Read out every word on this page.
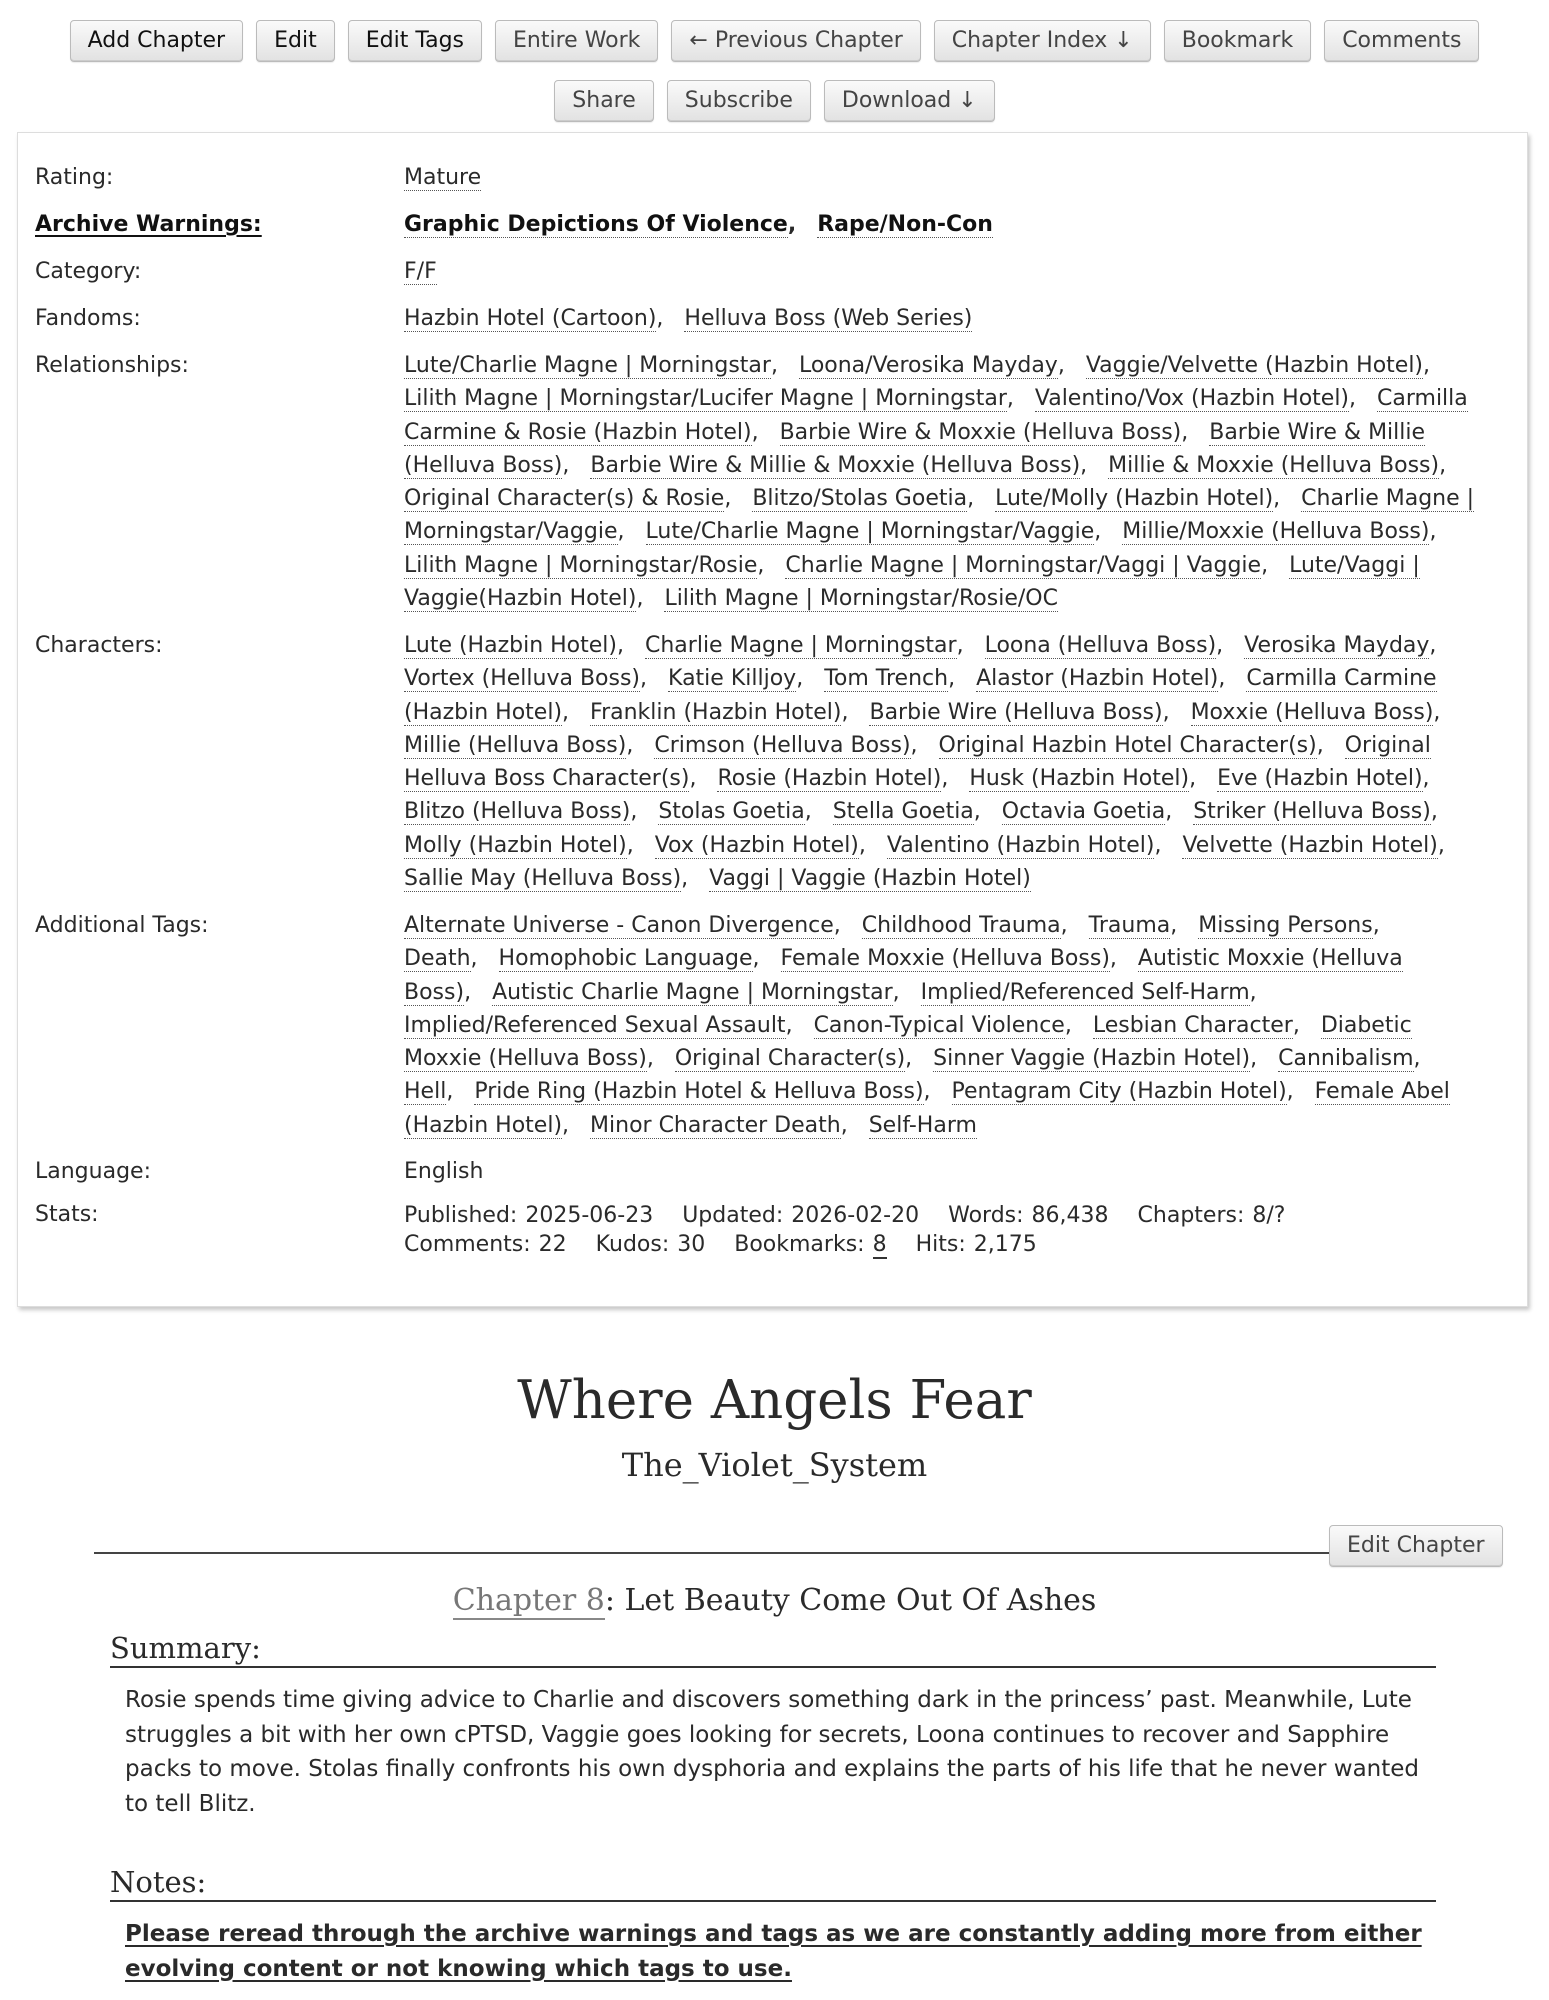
Add Chapter	Edit	Edit Tags	Entire Work	← Previous Chapter	Chapter Index ↓	Bookmark	Comments
Share	Subscribe	Download ↓
Rating:	Mature
Archive Warnings:	Graphic Depictions Of Violence, Rape/Non-Con
Category:	F/F
Fandoms:	Hazbin Hotel (Cartoon), Helluva Boss (Web Series)
Relationships:	Lute/Charlie Magne | Morningstar, Loona/Verosika Mayday, Vaggie/Velvette (Hazbin Hotel), Lilith Magne | Morningstar/Lucifer Magne | Morningstar, Valentino/Vox (Hazbin Hotel), Carmilla Carmine & Rosie (Hazbin Hotel), Barbie Wire & Moxxie (Helluva Boss), Barbie Wire & Millie (Helluva Boss), Barbie Wire & Millie & Moxxie (Helluva Boss), Millie & Moxxie (Helluva Boss), Original Character(s) & Rosie, Blitzo/Stolas Goetia, Lute/Molly (Hazbin Hotel), Charlie Magne | Morningstar/Vaggie, Lute/Charlie Magne | Morningstar/Vaggie, Millie/Moxxie (Helluva Boss), Lilith Magne | Morningstar/Rosie, Charlie Magne | Morningstar/Vaggi | Vaggie, Lute/Vaggi | Vaggie(Hazbin Hotel), Lilith Magne | Morningstar/Rosie/OC
Characters:	Lute (Hazbin Hotel), Charlie Magne | Morningstar, Loona (Helluva Boss), Verosika Mayday, Vortex (Helluva Boss), Katie Killjoy, Tom Trench, Alastor (Hazbin Hotel), Carmilla Carmine (Hazbin Hotel), Franklin (Hazbin Hotel), Barbie Wire (Helluva Boss), Moxxie (Helluva Boss), Millie (Helluva Boss), Crimson (Helluva Boss), Original Hazbin Hotel Character(s), Original Helluva Boss Character(s), Rosie (Hazbin Hotel), Husk (Hazbin Hotel), Eve (Hazbin Hotel), Blitzo (Helluva Boss), Stolas Goetia, Stella Goetia, Octavia Goetia, Striker (Helluva Boss), Molly (Hazbin Hotel), Vox (Hazbin Hotel), Valentino (Hazbin Hotel), Velvette (Hazbin Hotel), Sallie May (Helluva Boss), Vaggi | Vaggie (Hazbin Hotel)
Additional Tags:	Alternate Universe - Canon Divergence, Childhood Trauma, Trauma, Missing Persons, Death, Homophobic Language, Female Moxxie (Helluva Boss), Autistic Moxxie (Helluva Boss), Autistic Charlie Magne | Morningstar, Implied/Referenced Self-Harm, Implied/Referenced Sexual Assault, Canon-Typical Violence, Lesbian Character, Diabetic Moxxie (Helluva Boss), Original Character(s), Sinner Vaggie (Hazbin Hotel), Cannibalism, Hell, Pride Ring (Hazbin Hotel & Helluva Boss), Pentagram City (Hazbin Hotel), Female Abel (Hazbin Hotel), Minor Character Death, Self-Harm
Language:	English
Stats:	Published: 2025-06-23 Updated: 2026-02-20 Words: 86,438 Chapters: 8/?
Comments: 22 Kudos: 30 Bookmarks: 8 Hits: 2,175
Where Angels Fear
The_Violet_System
Edit Chapter
Chapter 8: Let Beauty Come Out Of Ashes
Summary:
Rosie spends time giving advice to Charlie and discovers something dark in the princess’ past. Meanwhile, Lute struggles a bit with her own cPTSD, Vaggie goes looking for secrets, Loona continues to recover and Sapphire packs to move. Stolas finally confronts his own dysphoria and explains the parts of his life that he never wanted to tell Blitz.
Notes:
Please reread through the archive warnings and tags as we are constantly adding more from either evolving content or not knowing which tags to use.
